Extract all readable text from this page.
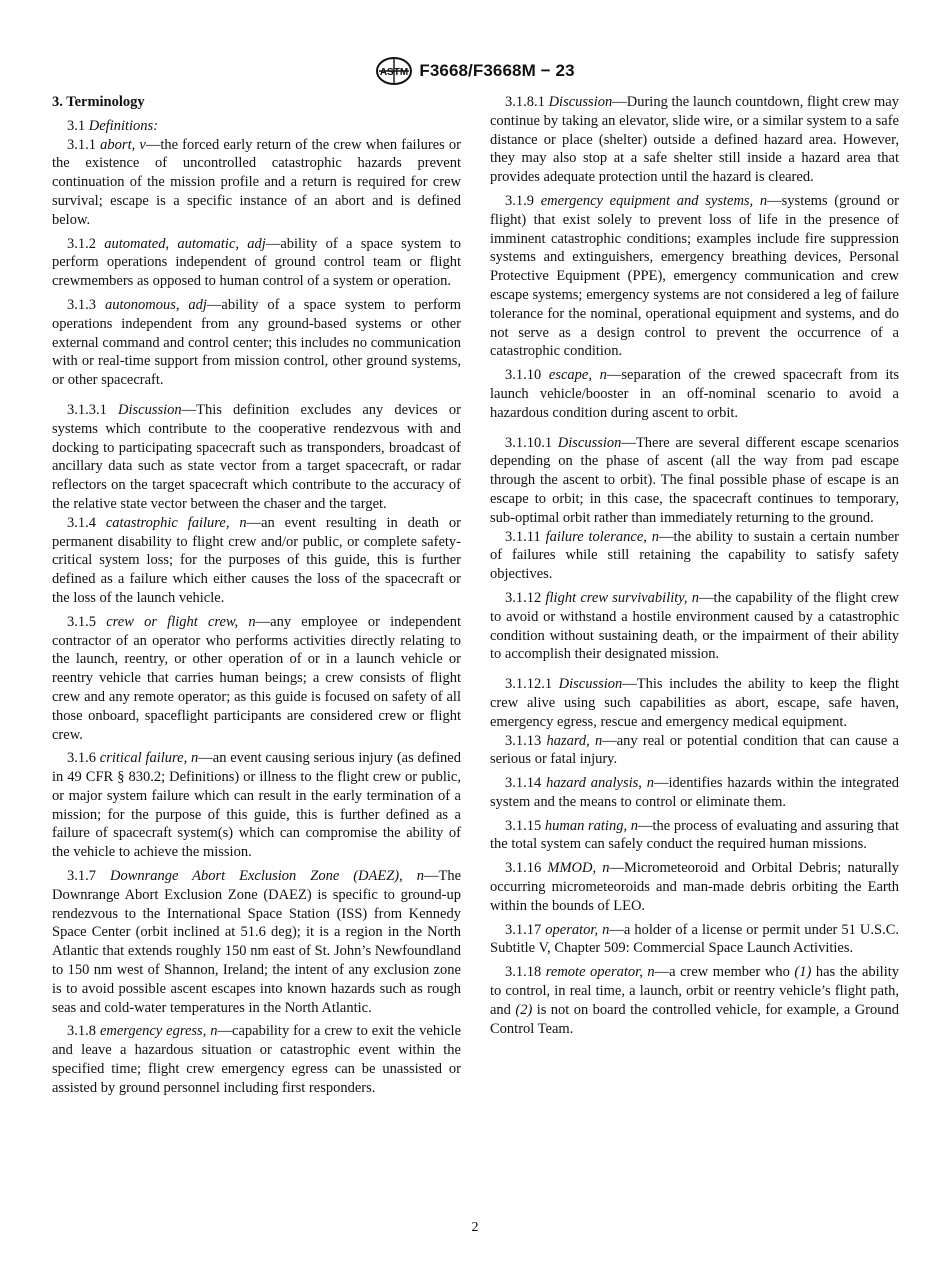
ASTM F3668/F3668M − 23
3. Terminology

3.1 Definitions:

3.1.1 abort, v—the forced early return of the crew when failures or the existence of uncontrolled catastrophic hazards prevent continuation of the mission profile and a return is required for crew survival; escape is a specific instance of an abort and is defined below.

3.1.2 automated, automatic, adj—ability of a space system to perform operations independent of ground control team or flight crewmembers as opposed to human control of a system or operation.

3.1.3 autonomous, adj—ability of a space system to perform operations independent from any ground-based systems or other external command and control center; this includes no communication with or real-time support from mission control, other ground systems, or other spacecraft.

3.1.3.1 Discussion—This definition excludes any devices or systems which contribute to the cooperative rendezvous with and docking to participating spacecraft such as transponders, broadcast of ancillary data such as state vector from a target spacecraft, or radar reflectors on the target spacecraft which contribute to the accuracy of the relative state vector between the chaser and the target.

3.1.4 catastrophic failure, n—an event resulting in death or permanent disability to flight crew and/or public, or complete safety-critical system loss; for the purposes of this guide, this is further defined as a failure which either causes the loss of the spacecraft or the loss of the launch vehicle.

3.1.5 crew or flight crew, n—any employee or independent contractor of an operator who performs activities directly relating to the launch, reentry, or other operation of or in a launch vehicle or reentry vehicle that carries human beings; a crew consists of flight crew and any remote operator; as this guide is focused on safety of all those onboard, spaceflight participants are considered crew or flight crew.

3.1.6 critical failure, n—an event causing serious injury (as defined in 49 CFR § 830.2; Definitions) or illness to the flight crew or public, or major system failure which can result in the early termination of a mission; for the purpose of this guide, this is further defined as a failure of spacecraft system(s) which can compromise the ability of the vehicle to achieve the mission.

3.1.7 Downrange Abort Exclusion Zone (DAEZ), n—The Downrange Abort Exclusion Zone (DAEZ) is specific to ground-up rendezvous to the International Space Station (ISS) from Kennedy Space Center (orbit inclined at 51.6 deg); it is a region in the North Atlantic that extends roughly 150 nm east of St. John’s Newfoundland to 150 nm west of Shannon, Ireland; the intent of any exclusion zone is to avoid possible ascent escapes into known hazards such as rough seas and cold-water temperatures in the North Atlantic.

3.1.8 emergency egress, n—capability for a crew to exit the vehicle and leave a hazardous situation or catastrophic event within the specified time; flight crew emergency egress can be unassisted or assisted by ground personnel including first responders.

3.1.8.1 Discussion—During the launch countdown, flight crew may continue by taking an elevator, slide wire, or a similar system to a safe distance or place (shelter) outside a defined hazard area. However, they may also stop at a safe shelter still inside a hazard area that provides adequate protection until the hazard is cleared.

3.1.9 emergency equipment and systems, n—systems (ground or flight) that exist solely to prevent loss of life in the presence of imminent catastrophic conditions; examples include fire suppression systems and extinguishers, emergency breathing devices, Personal Protective Equipment (PPE), emergency communication and crew escape systems; emergency systems are not considered a leg of failure tolerance for the nominal, operational equipment and systems, and do not serve as a design control to prevent the occurrence of a catastrophic condition.

3.1.10 escape, n—separation of the crewed spacecraft from its launch vehicle/booster in an off-nominal scenario to avoid a hazardous condition during ascent to orbit.

3.1.10.1 Discussion—There are several different escape scenarios depending on the phase of ascent (all the way from pad escape through the ascent to orbit). The final possible phase of escape is an escape to orbit; in this case, the spacecraft continues to temporary, sub-optimal orbit rather than immediately returning to the ground.

3.1.11 failure tolerance, n—the ability to sustain a certain number of failures while still retaining the capability to satisfy safety objectives.

3.1.12 flight crew survivability, n—the capability of the flight crew to avoid or withstand a hostile environment caused by a catastrophic condition without sustaining death, or the impairment of their ability to accomplish their designated mission.

3.1.12.1 Discussion—This includes the ability to keep the flight crew alive using such capabilities as abort, escape, safe haven, emergency egress, rescue and emergency medical equipment.

3.1.13 hazard, n—any real or potential condition that can cause a serious or fatal injury.

3.1.14 hazard analysis, n—identifies hazards within the integrated system and the means to control or eliminate them.

3.1.15 human rating, n—the process of evaluating and assuring that the total system can safely conduct the required human missions.

3.1.16 MMOD, n—Micrometeoroid and Orbital Debris; naturally occurring micrometeoroids and man-made debris orbiting the Earth within the bounds of LEO.

3.1.17 operator, n—a holder of a license or permit under 51 U.S.C. Subtitle V, Chapter 509: Commercial Space Launch Activities.

3.1.18 remote operator, n—a crew member who (1) has the ability to control, in real time, a launch, orbit or reentry vehicle’s flight path, and (2) is not on board the controlled vehicle, for example, a Ground Control Team.

2
